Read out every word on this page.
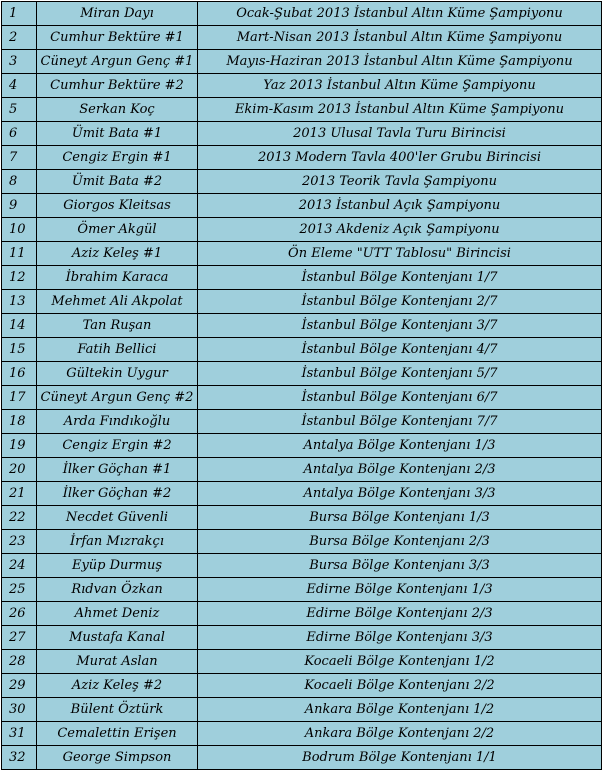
1	Miran Dayı	Ocak-Şubat 2013 İstanbul Altın Küme Şampiyonu
2	Cumhur Bektüre #1	Mart-Nisan 2013 İstanbul Altın Küme Şampiyonu
3	Cüneyt Argun Genç #1	Mayıs-Haziran 2013 İstanbul Altın Küme Şampiyonu
4	Cumhur Bektüre #2	Yaz 2013 İstanbul Altın Küme Şampiyonu
5	Serkan Koç	Ekim-Kasım 2013 İstanbul Altın Küme Şampiyonu
6	Ümit Bata #1	2013 Ulusal Tavla Turu Birincisi
7	Cengiz Ergin #1	2013 Modern Tavla 400'ler Grubu Birincisi
8	Ümit Bata #2	2013 Teorik Tavla Şampiyonu
9	Giorgos Kleitsas	2013 İstanbul Açık Şampiyonu
10	Ömer Akgül	2013 Akdeniz Açık Şampiyonu
11	Aziz Keleş #1	Ön Eleme "UTT Tablosu" Birincisi
12	İbrahim Karaca	İstanbul Bölge Kontenjanı 1/7
13	Mehmet Ali Akpolat	İstanbul Bölge Kontenjanı 2/7
14	Tan Ruşan	İstanbul Bölge Kontenjanı 3/7
15	Fatih Bellici	İstanbul Bölge Kontenjanı 4/7
16	Gültekin Uygur	İstanbul Bölge Kontenjanı 5/7
17	Cüneyt Argun Genç #2	İstanbul Bölge Kontenjanı 6/7
18	Arda Fındıkoğlu	İstanbul Bölge Kontenjanı 7/7
19	Cengiz Ergin #2	Antalya Bölge Kontenjanı 1/3
20	İlker Göçhan #1	Antalya Bölge Kontenjanı 2/3
21	İlker Göçhan #2	Antalya Bölge Kontenjanı 3/3
22	Necdet Güvenli	Bursa Bölge Kontenjanı 1/3
23	İrfan Mızrakçı	Bursa Bölge Kontenjanı 2/3
24	Eyüp Durmuş	Bursa Bölge Kontenjanı 3/3
25	Rıdvan Özkan	Edirne Bölge Kontenjanı 1/3
26	Ahmet Deniz	Edirne Bölge Kontenjanı 2/3
27	Mustafa Kanal	Edirne Bölge Kontenjanı 3/3
28	Murat Aslan	Kocaeli Bölge Kontenjanı 1/2
29	Aziz Keleş #2	Kocaeli Bölge Kontenjanı 2/2
30	Bülent Öztürk	Ankara Bölge Kontenjanı 1/2
31	Cemalettin Erişen	Ankara Bölge Kontenjanı 2/2
32	George Simpson	Bodrum Bölge Kontenjanı 1/1
